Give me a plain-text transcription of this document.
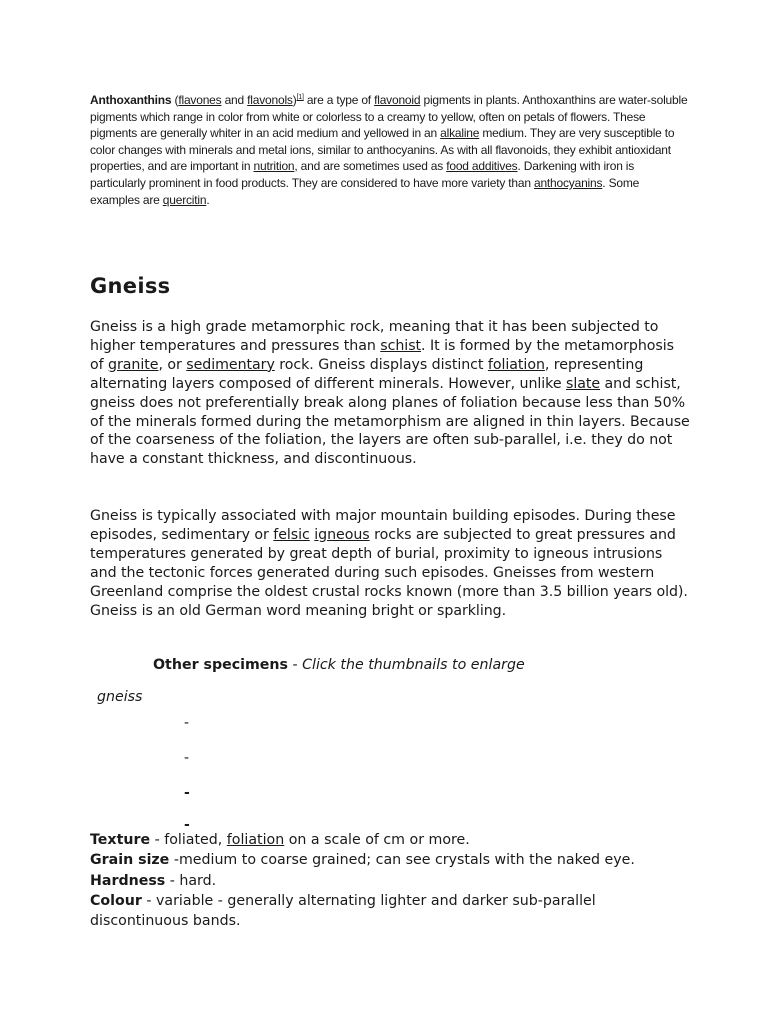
Anthoxanthins (flavones and flavonols)[1] are a type of flavonoid pigments in plants. Anthoxanthins are water-soluble pigments which range in color from white or colorless to a creamy to yellow, often on petals of flowers. These pigments are generally whiter in an acid medium and yellowed in an alkaline medium. They are very susceptible to color changes with minerals and metal ions, similar to anthocyanins. As with all flavonoids, they exhibit antioxidant properties, and are important in nutrition, and are sometimes used as food additives. Darkening with iron is particularly prominent in food products. They are considered to have more variety than anthocyanins. Some examples are quercitin.
Gneiss

Gneiss is a high grade metamorphic rock, meaning that it has been subjected to higher temperatures and pressures than schist. It is formed by the metamorphosis of granite, or sedimentary rock. Gneiss displays distinct foliation, representing alternating layers composed of different minerals. However, unlike slate and schist, gneiss does not preferentially break along planes of foliation because less than 50% of the minerals formed during the metamorphism are aligned in thin layers. Because of the coarseness of the foliation, the layers are often sub-parallel, i.e. they do not have a constant thickness, and discontinuous.

Gneiss is typically associated with major mountain building episodes. During these episodes, sedimentary or felsic igneous rocks are subjected to great pressures and temperatures generated by great depth of burial, proximity to igneous intrusions and the tectonic forces generated during such episodes. Gneisses from western Greenland comprise the oldest crustal rocks known (more than 3.5 billion years old). Gneiss is an old German word meaning bright or sparkling.

Other specimens - Click the thumbnails to enlarge
gneiss
-
-
-
-
Texture - foliated, foliation on a scale of cm or more.
Grain size -medium to coarse grained; can see crystals with the naked eye.
Hardness - hard.
Colour - variable - generally alternating lighter and darker sub-parallel discontinuous bands.
